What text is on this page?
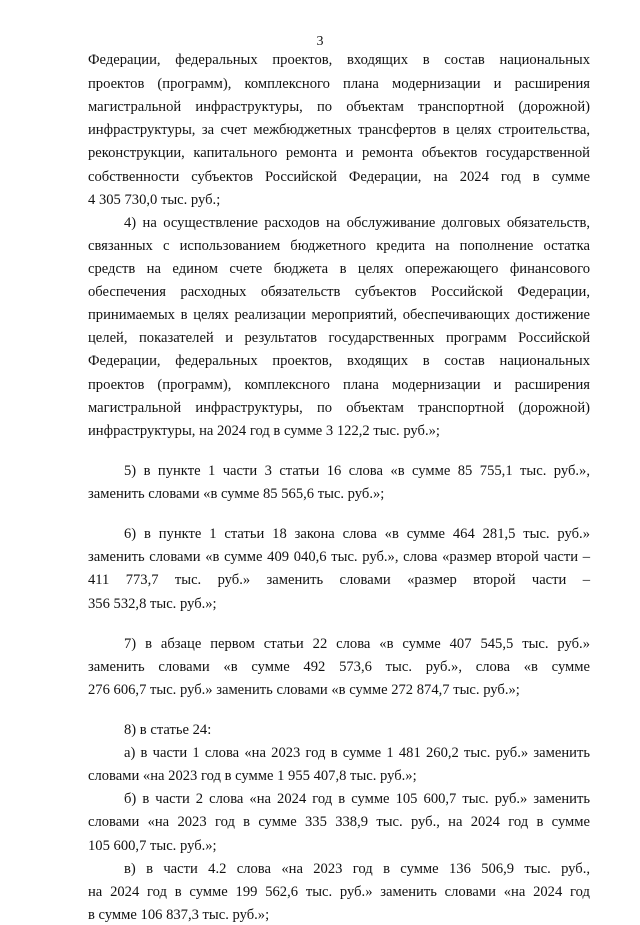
3
Федерации, федеральных проектов, входящих в состав национальных
проектов (программ), комплексного плана модернизации и расширения
магистральной инфраструктуры, по объектам транспортной (дорожной)
инфраструктуры, за счет межбюджетных трансфертов в целях строительства,
реконструкции, капитального ремонта и ремонта объектов государственной
собственности субъектов Российской Федерации, на 2024 год в сумме
4 305 730,0 тыс. руб.;
4) на осуществление расходов на обслуживание долговых обязательств,
связанных с использованием бюджетного кредита на пополнение остатка
средств на едином счете бюджета в целях опережающего финансового
обеспечения расходных обязательств субъектов Российской Федерации,
принимаемых в целях реализации мероприятий, обеспечивающих достижение
целей, показателей и результатов государственных программ Российской
Федерации, федеральных проектов, входящих в состав национальных
проектов (программ), комплексного плана модернизации и расширения
магистральной инфраструктуры, по объектам транспортной (дорожной)
инфраструктуры, на 2024 год в сумме 3 122,2 тыс. руб.»;
5) в пункте 1 части 3 статьи 16 слова «в сумме 85 755,1 тыс. руб.»,
заменить словами «в сумме 85 565,6 тыс. руб.»;
6) в пункте 1 статьи 18 закона слова «в сумме 464 281,5 тыс. руб.»
заменить словами «в сумме 409 040,6 тыс. руб.», слова «размер второй части –
411 773,7 тыс. руб.» заменить словами «размер второй части –
356 532,8 тыс. руб.»;
7) в абзаце первом статьи 22 слова «в сумме 407 545,5 тыс. руб.»
заменить словами «в сумме 492 573,6 тыс. руб.», слова «в сумме
276 606,7 тыс. руб.» заменить словами «в сумме 272 874,7 тыс. руб.»;
8) в статье 24:
а) в части 1 слова «на 2023 год в сумме 1 481 260,2 тыс. руб.» заменить
словами «на 2023 год в сумме 1 955 407,8 тыс. руб.»;
б) в части 2 слова «на 2024 год в сумме 105 600,7 тыс. руб.» заменить
словами «на 2023 год в сумме 335 338,9 тыс. руб., на 2024 год в сумме
105 600,7 тыс. руб.»;
в) в части 4.2 слова «на 2023 год в сумме 136 506,9 тыс. руб.,
на 2024 год в сумме 199 562,6 тыс. руб.» заменить словами «на 2024 год
в сумме 106 837,3 тыс. руб.»;
